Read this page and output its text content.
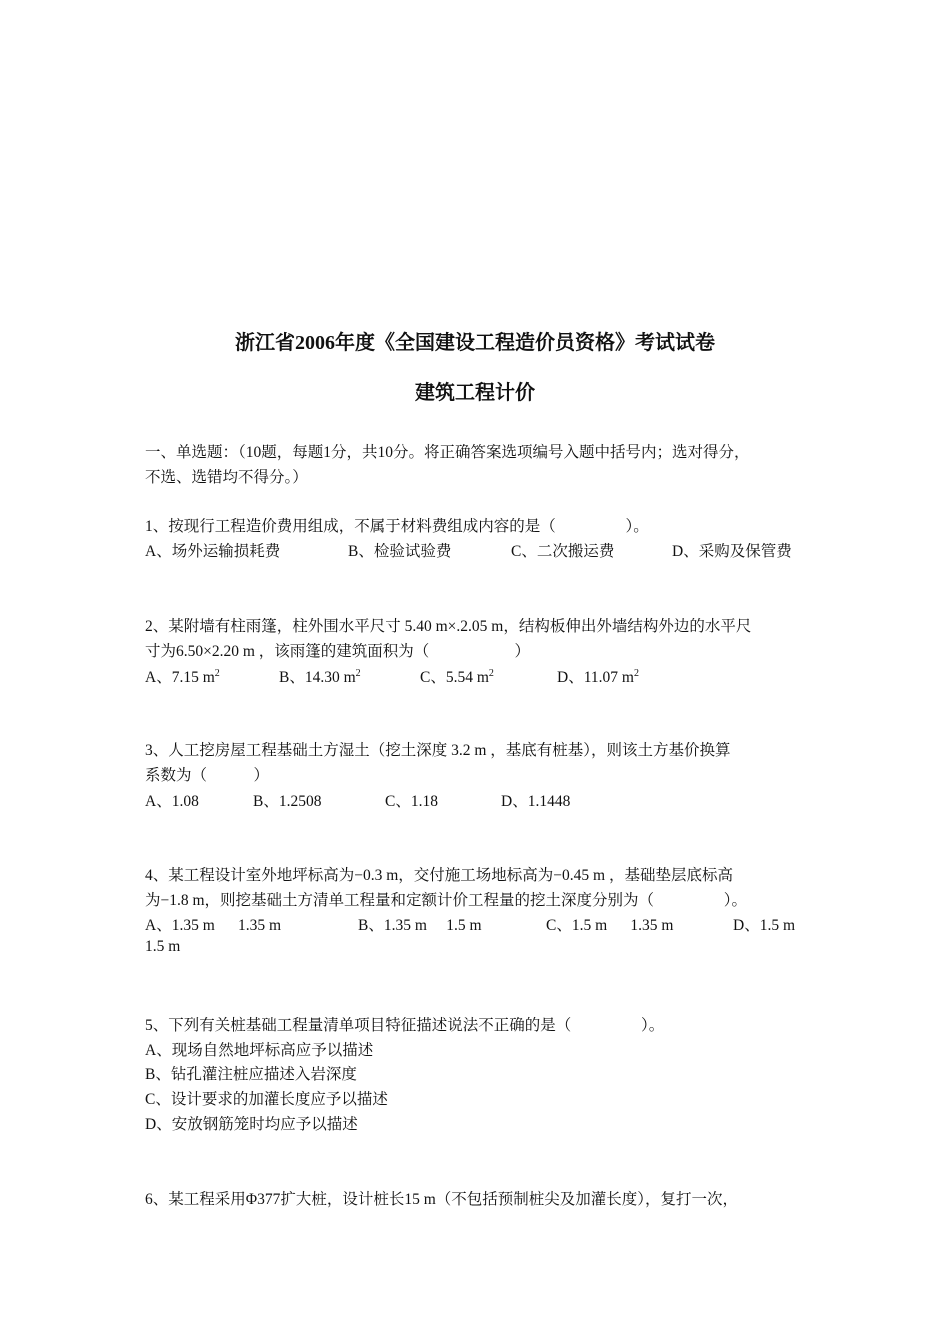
浙江省2006年度《全国建设工程造价员资格》考试试卷
建筑工程计价
一、单选题：（10题，每题1分，共10分。将正确答案选项编号入题中括号内；选对得分，
不选、选错均不得分。）
1、按现行工程造价费用组成，不属于材料费组成内容的是（                  ）。
A、场外运输损耗费	B、检验试验费	C、二次搬运费	D、采购及保管费
2、某附墙有柱雨篷，柱外围水平尺寸 5.40 m×.2.05 m，结构板伸出外墙结构外边的水平尺
寸为6.50×2.20 m ，该雨篷的建筑面积为（                      ）
A、7.15 $m^2$	B、14.30 $m^2$	C、5.54 $m^2$	D、11.07 $m^2$
3、人工挖房屋工程基础土方湿土（挖土深度 3.2 m ，基底有桩基），则该土方基价换算
系数为（            ）
A、1.08	B、1.2508	C、1.18	D、1.1448
4、某工程设计室外地坪标高为−0.3 m，交付施工场地标高为−0.45 m ，基础垫层底标高
为−1.8 m，则挖基础土方清单工程量和定额计价工程量的挖土深度分别为（                  ）。
A、1.35 m      1.35 m	B、1.35 m     1.5 m	C、1.5 m      1.35 m	D、1.5 m
1.5 m
5、下列有关桩基础工程量清单项目特征描述说法不正确的是（                  ）。
A、现场自然地坪标高应予以描述
B、钻孔灌注桩应描述入岩深度
C、设计要求的加灌长度应予以描述
D、安放钢筋笼时均应予以描述
6、某工程采用Φ377扩大桩，设计桩长15 m（不包括预制桩尖及加灌长度），复打一次，
